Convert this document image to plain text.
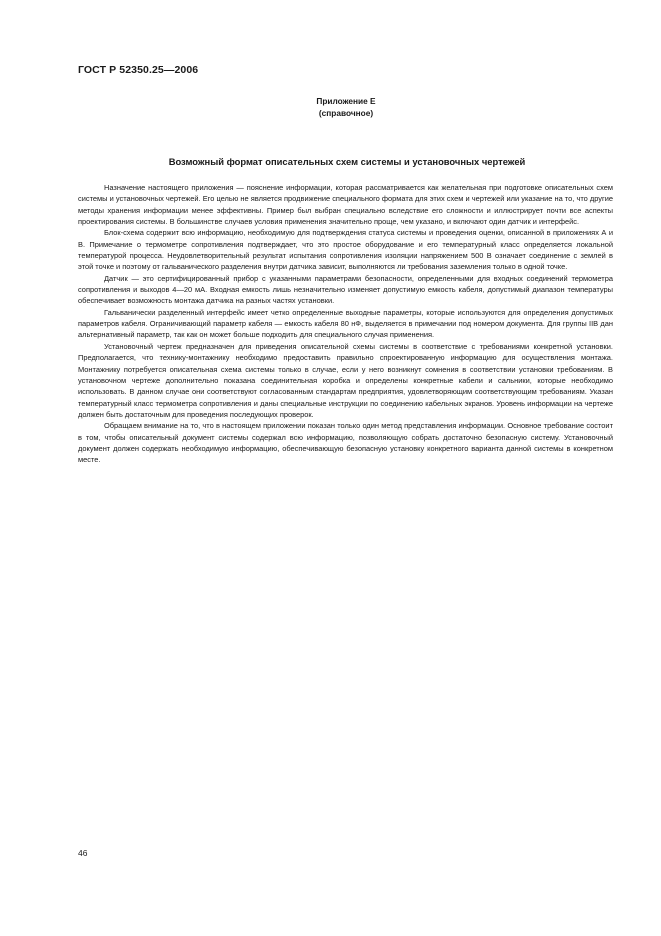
ГОСТ Р 52350.25—2006
Приложение Е
(справочное)
Возможный формат описательных схем системы и установочных чертежей

Назначение настоящего приложения — пояснение информации, которая рассматривается как желательная при подготовке описательных схем системы и установочных чертежей. Его целью не является продвижение специального формата для этих схем и чертежей или указание на то, что другие методы хранения информации менее эффективны. Пример был выбран специально вследствие его сложности и иллюстрирует почти все аспекты проектирования системы. В большинстве случаев условия применения значительно проще, чем указано, и включают один датчик и интерфейс.

Блок-схема содержит всю информацию, необходимую для подтверждения статуса системы и проведения оценки, описанной в приложениях А и В. Примечание о термометре сопротивления подтверждает, что это простое оборудование и его температурный класс определяется локальной температурой процесса. Неудовлетворительный результат испытания сопротивления изоляции напряжением 500 В означает соединение с землей в этой точке и поэтому от гальванического разделения внутри датчика зависит, выполняются ли требования заземления только в одной точке.

Датчик — это сертифицированный прибор с указанными параметрами безопасности, определенными для входных соединений термометра сопротивления и выходов 4—20 мА. Входная емкость лишь незначительно изменяет допустимую емкость кабеля, допустимый диапазон температуры обеспечивает возможность монтажа датчика на разных частях установки.

Гальванически разделенный интерфейс имеет четко определенные выходные параметры, которые используются для определения допустимых параметров кабеля. Ограничивающий параметр кабеля — емкость кабеля 80 нФ, выделяется в примечании под номером документа. Для группы IIB дан альтернативный параметр, так как он может больше подходить для специального случая применения.

Установочный чертеж предназначен для приведения описательной схемы системы в соответствие с требованиями конкретной установки. Предполагается, что технику-монтажнику необходимо предоставить правильно спроектированную информацию для осуществления монтажа. Монтажнику потребуется описательная схема системы только в случае, если у него возникнут сомнения в соответствии установки требованиям. В установочном чертеже дополнительно показана соединительная коробка и определены конкретные кабели и сальники, которые необходимо использовать. В данном случае они соответствуют согласованным стандартам предприятия, удовлетворяющим соответствующим требованиям. Указан температурный класс термометра сопротивления и даны специальные инструкции по соединению кабельных экранов. Уровень информации на чертеже должен быть достаточным для проведения последующих проверок.

Обращаем внимание на то, что в настоящем приложении показан только один метод представления информации. Основное требование состоит в том, чтобы описательный документ системы содержал всю информацию, позволяющую собрать достаточно безопасную систему. Установочный документ должен содержать необходимую информацию, обеспечивающую безопасную установку конкретного варианта данной системы в конкретном месте.

46
